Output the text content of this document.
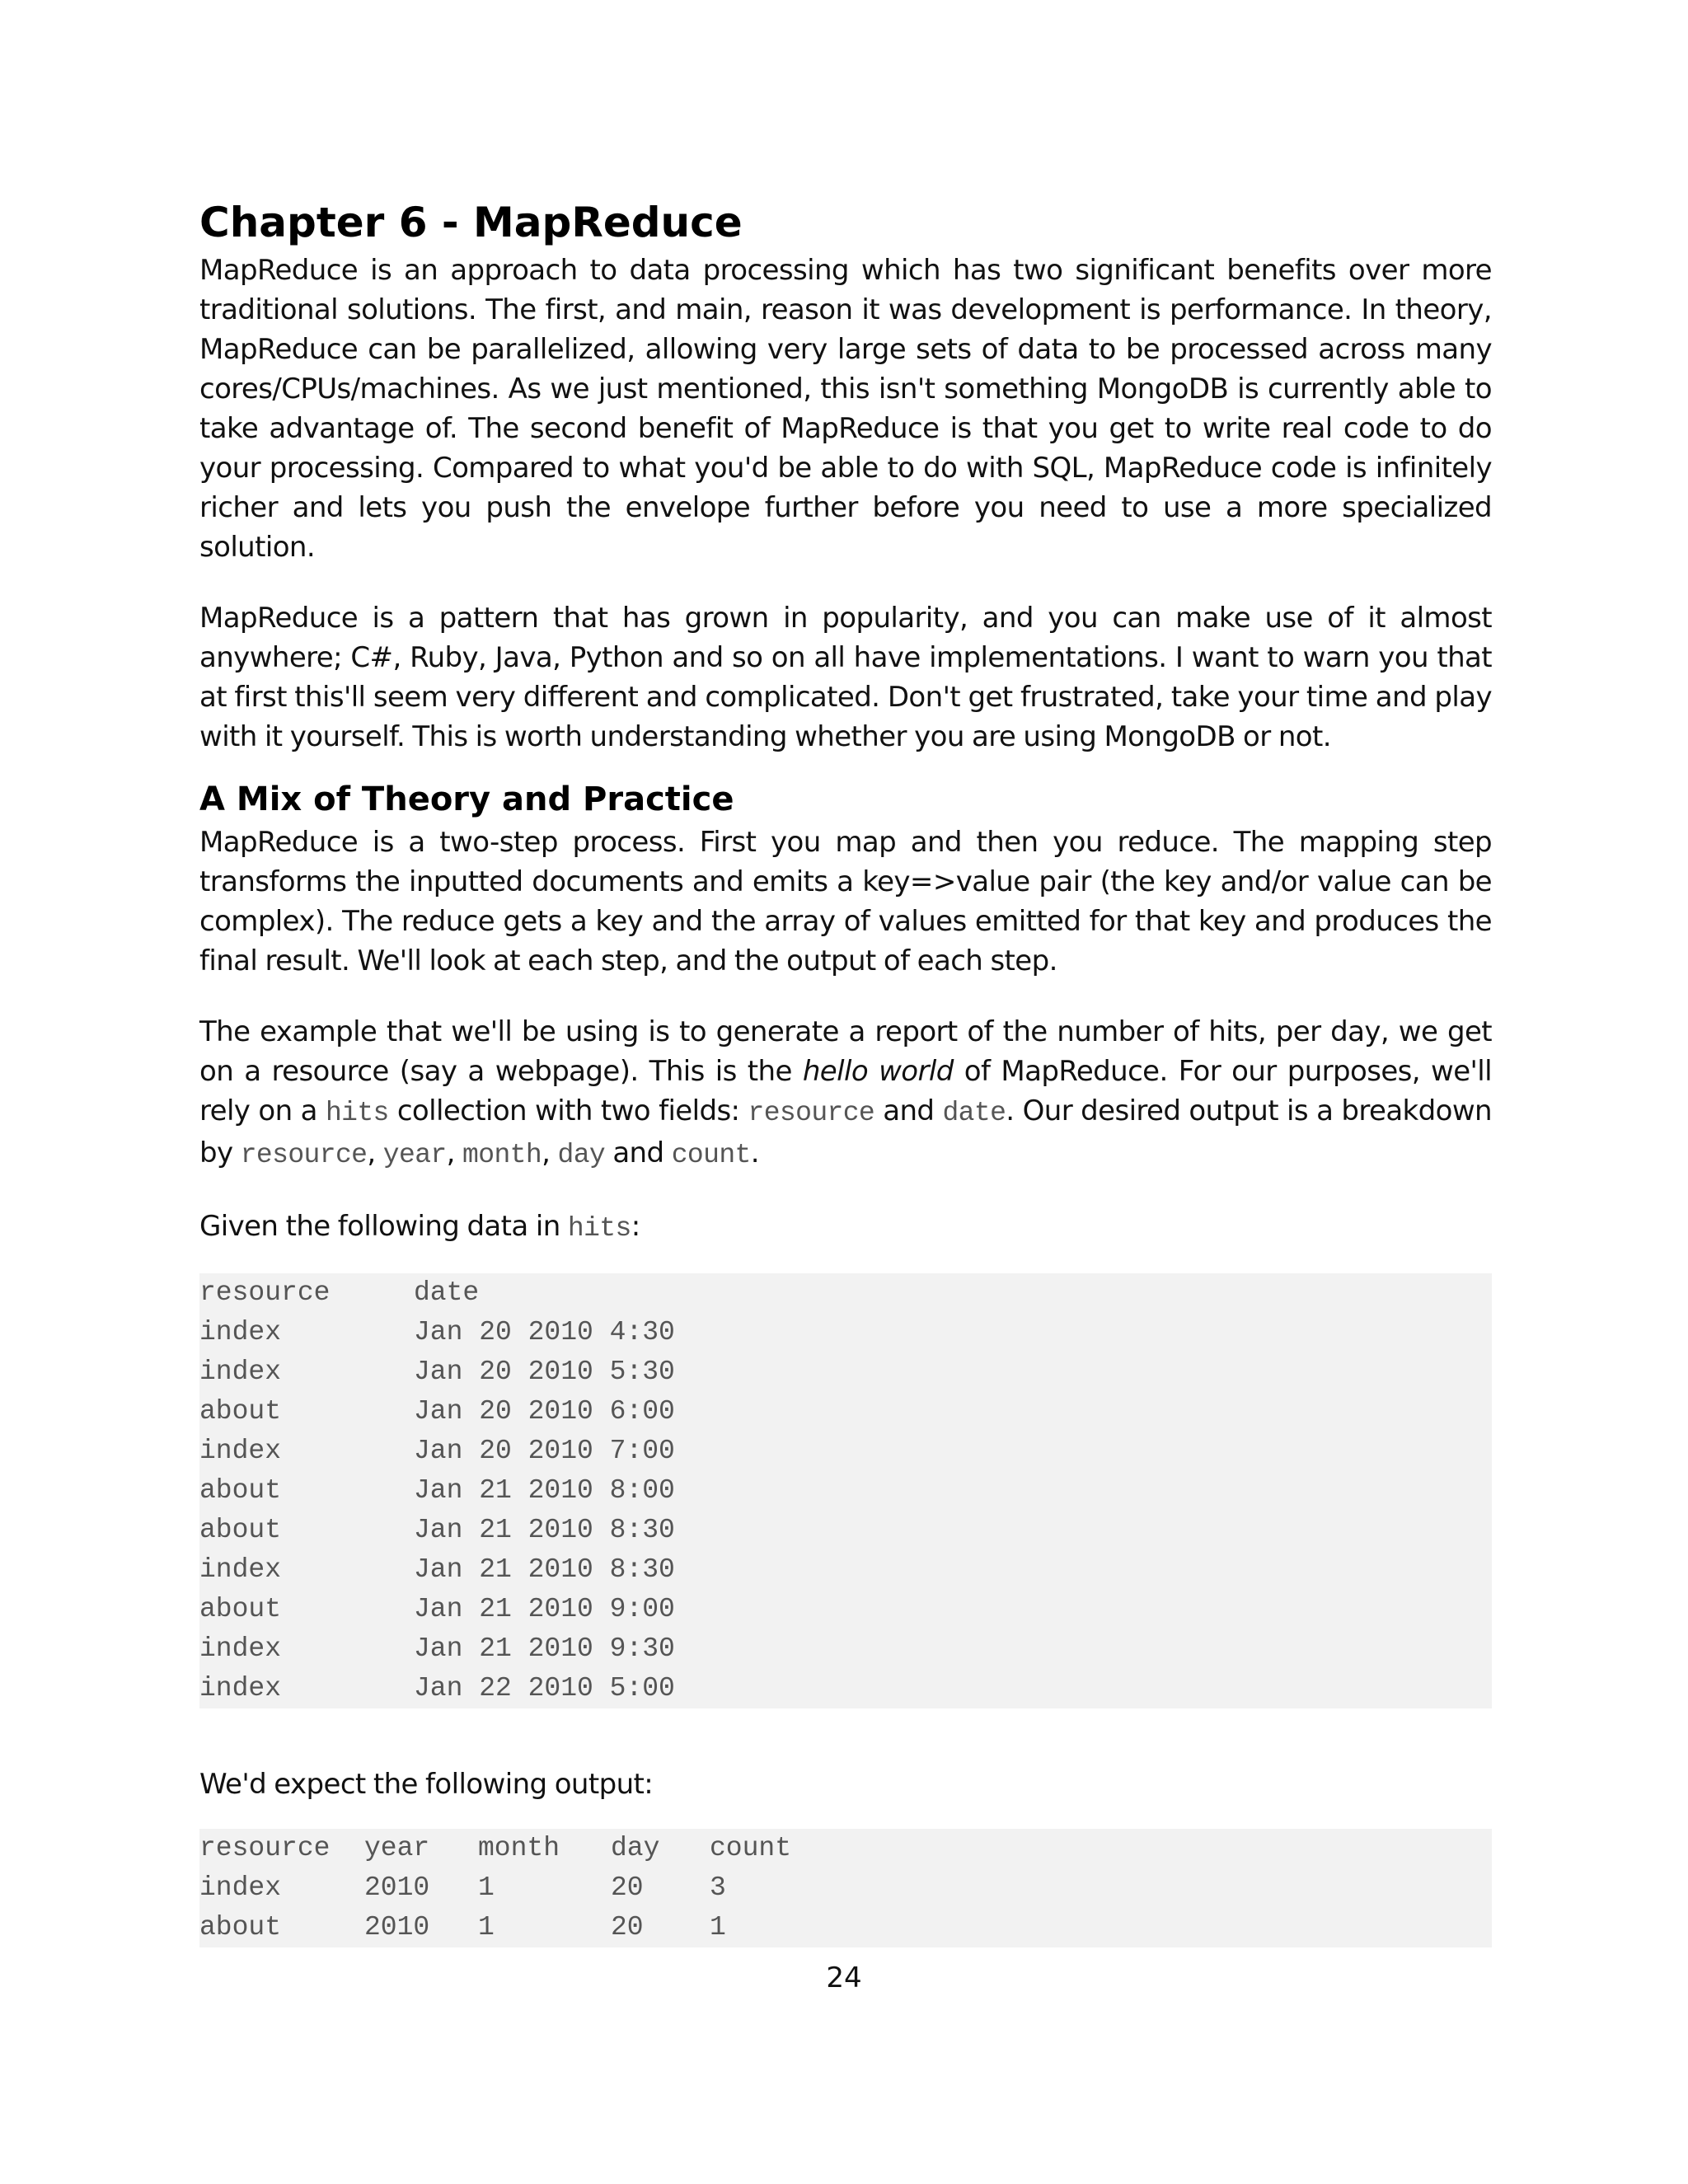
Chapter 6 - MapReduce

MapReduce is an approach to data processing which has two significant benefits over more traditional solutions. The first, and main, reason it was development is performance. In theory, MapReduce can be parallelized, allowing very large sets of data to be processed across many cores/CPUs/machines. As we just mentioned, this isn't something MongoDB is currently able to take advantage of. The second benefit of MapReduce is that you get to write real code to do your processing. Compared to what you'd be able to do with SQL, MapReduce code is infinitely richer and lets you push the envelope further before you need to use a more specialized solution.

MapReduce is a pattern that has grown in popularity, and you can make use of it almost anywhere; C#, Ruby, Java, Python and so on all have implementations. I want to warn you that at first this'll seem very different and complicated. Don't get frustrated, take your time and play with it yourself. This is worth understanding whether you are using MongoDB or not.

A Mix of Theory and Practice

MapReduce is a two-step process. First you map and then you reduce. The mapping step transforms the inputted documents and emits a key=>value pair (the key and/or value can be complex). The reduce gets a key and the array of values emitted for that key and produces the final result. We'll look at each step, and the output of each step.

The example that we'll be using is to generate a report of the number of hits, per day, we get on a resource (say a webpage). This is the hello world of MapReduce. For our purposes, we'll rely on a hits collection with two fields: resource and date. Our desired output is a breakdown by resource, year, month, day and count.

Given the following data in hits:

resource	date
index	Jan 20 2010 4:30
index	Jan 20 2010 5:30
about	Jan 20 2010 6:00
index	Jan 20 2010 7:00
about	Jan 21 2010 8:00
about	Jan 21 2010 8:30
index	Jan 21 2010 8:30
about	Jan 21 2010 9:00
index	Jan 21 2010 9:30
index	Jan 22 2010 5:00

We'd expect the following output:

resource	year	month	day	count
index	2010	1	20	3
about	2010	1	20	1
24
